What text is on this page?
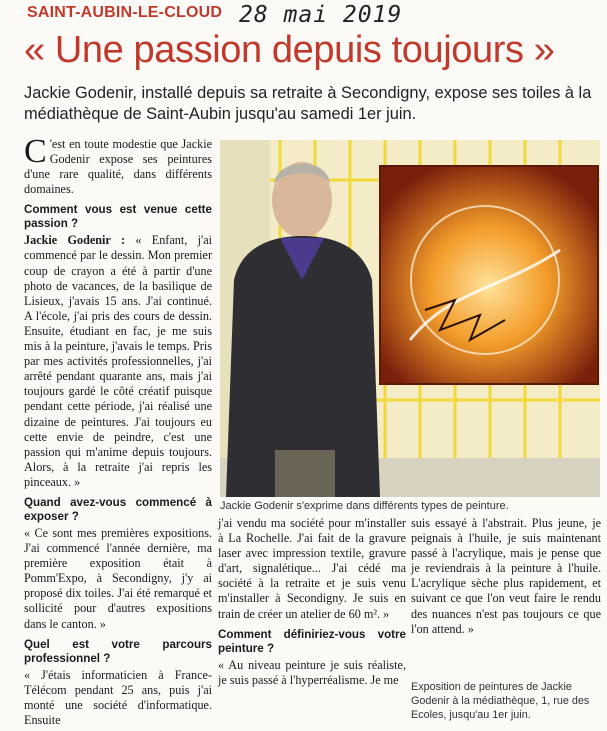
SAINT-AUBIN-LE-CLOUD 28 mai 2019
« Une passion depuis toujours »
Jackie Godenir, installé depuis sa retraite à Secondigny, expose ses toiles à la médiathèque de Saint-Aubin jusqu'au samedi 1er juin.

C 'est en toute modestie que Jackie Godenir expose ses peintures d'une rare qualité, dans différents domaines.

Comment vous est venue cette passion ?

Jackie Godenir : « Enfant, j'ai commencé par le dessin. Mon premier coup de crayon a été à partir d'une photo de vacances, de la basilique de Lisieux, j'avais 15 ans. J'ai continué. A l'école, j'ai pris des cours de dessin. Ensuite, étudiant en fac, je me suis mis à la peinture, j'avais le temps. Pris par mes activités professionnelles, j'ai arrêté pendant quarante ans, mais j'ai toujours gardé le côté créatif puisque pendant cette période, j'ai réalisé une dizaine de peintures. J'ai toujours eu cette envie de peindre, c'est une passion qui m'anime depuis toujours. Alors, à la retraite j'ai repris les pinceaux. »

Quand avez-vous commencé à exposer ?

« Ce sont mes premières expositions. J'ai commencé l'année dernière, ma première exposition était à Pomm'Expo, à Secondigny, j'y ai proposé dix toiles. J'ai été remarqué et sollicité pour d'autres expositions dans le canton. »

Quel est votre parcours professionnel ?

« J'étais informaticien à France-Télécom pendant 25 ans, puis j'ai monté une société d'informatique. Ensuite

Jackie Godenir s'exprime dans différents types de peinture.

j'ai vendu ma société pour m'installer à La Rochelle. J'ai fait de la gravure laser avec impression textile, gravure d'art, signalétique... J'ai cédé ma société à la retraite et je suis venu m'installer à Secondigny. Je suis en train de créer un atelier de 60 m². »

Comment définiriez-vous votre peinture ?

« Au niveau peinture je suis réaliste, je suis passé à l'hyperréalisme. Je me

suis essayé à l'abstrait. Plus jeune, je peignais à l'huile, je suis maintenant passé à l'acrylique, mais je pense que je reviendrais à la peinture à l'huile. L'acrylique sèche plus rapidement, et suivant ce que l'on veut faire le rendu des nuances n'est pas toujours ce que l'on attend. »

Exposition de peintures de Jackie Godenir à la médiathèque, 1, rue des Ecoles, jusqu'au 1er juin.
